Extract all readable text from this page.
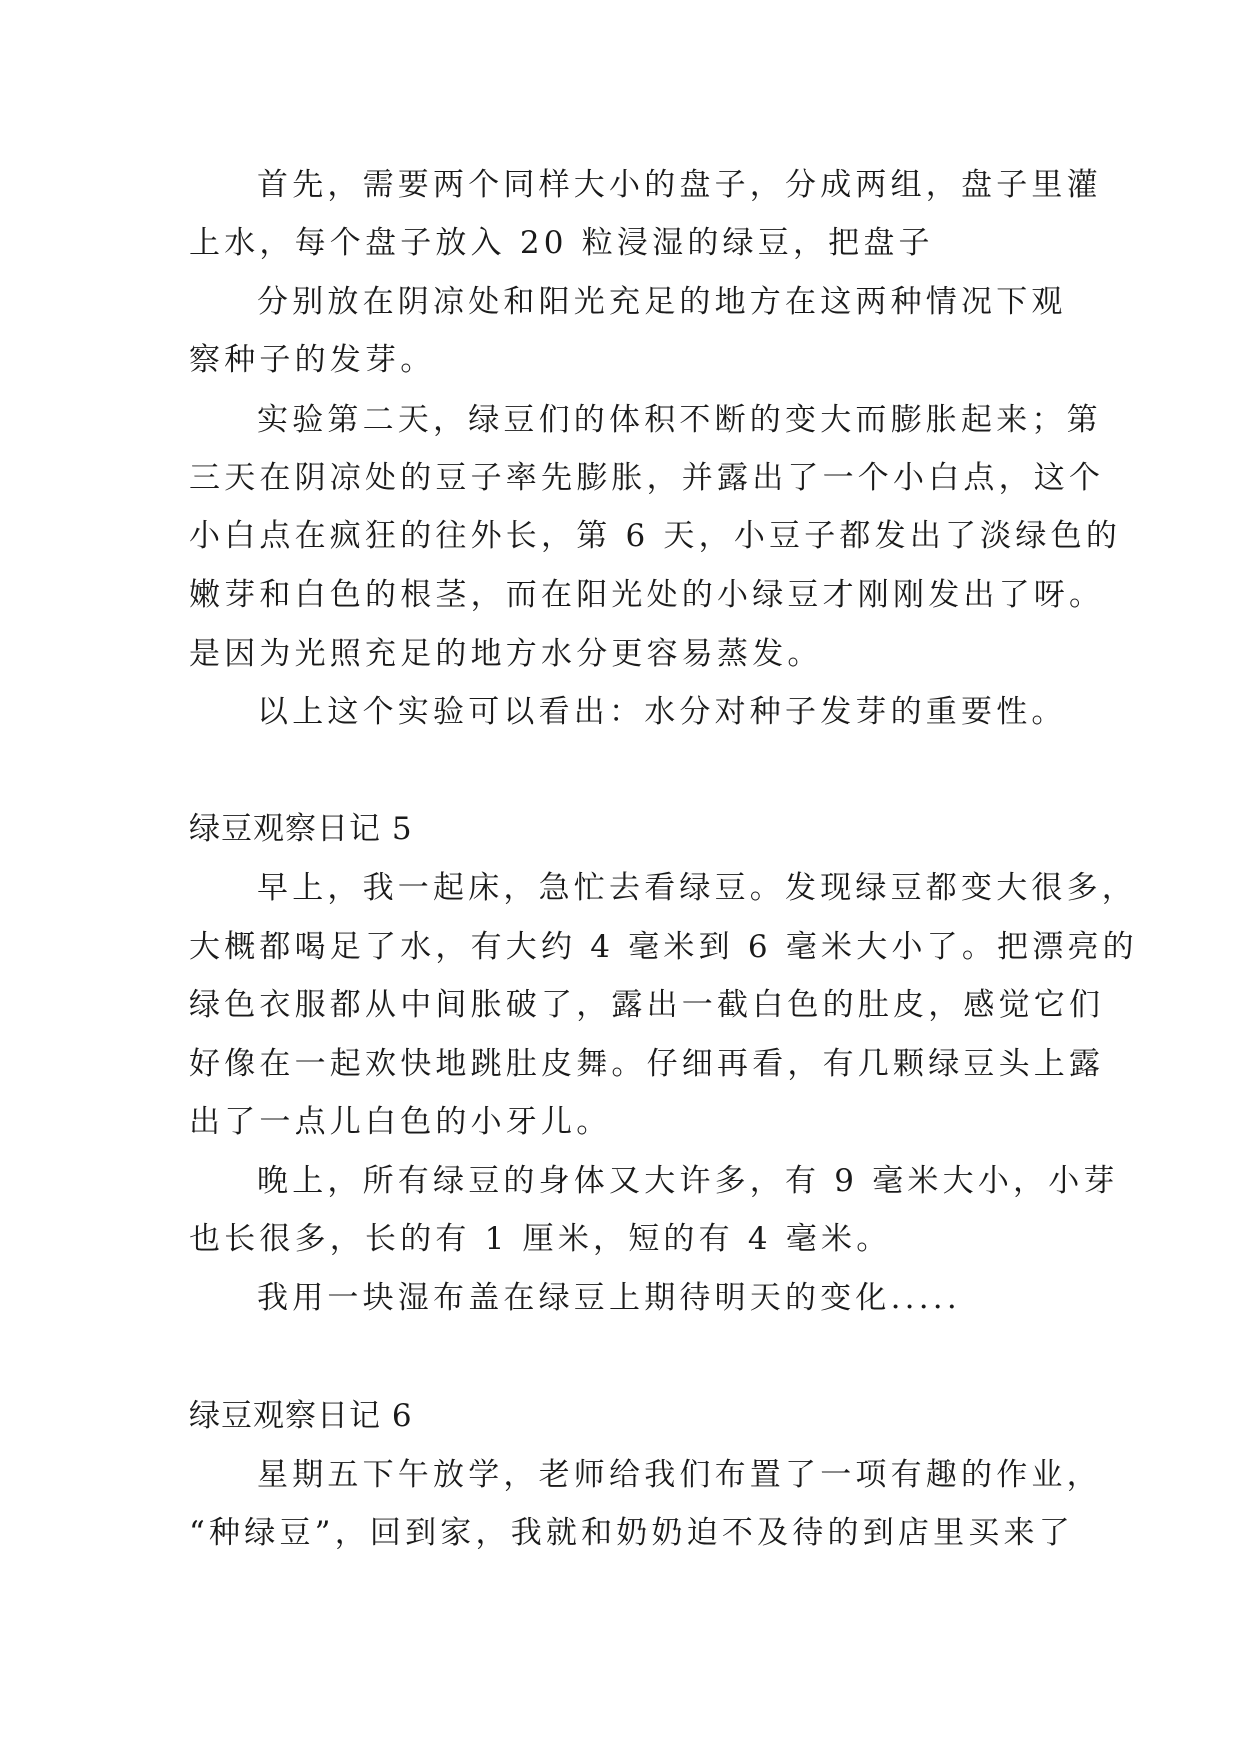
首先，需要两个同样大小的盘子，分成两组，盘子里灌
上水，每个盘子放入 20 粒浸湿的绿豆，把盘子
分别放在阴凉处和阳光充足的地方在这两种情况下观
察种子的发芽。
实验第二天，绿豆们的体积不断的变大而膨胀起来；第
三天在阴凉处的豆子率先膨胀，并露出了一个小白点，这个
小白点在疯狂的往外长，第 6 天，小豆子都发出了淡绿色的
嫩芽和白色的根茎，而在阳光处的小绿豆才刚刚发出了呀。
是因为光照充足的地方水分更容易蒸发。
以上这个实验可以看出：水分对种子发芽的重要性。
绿豆观察日记 5
早上，我一起床，急忙去看绿豆。发现绿豆都变大很多，
大概都喝足了水，有大约 4 毫米到 6 毫米大小了。把漂亮的
绿色衣服都从中间胀破了，露出一截白色的肚皮，感觉它们
好像在一起欢快地跳肚皮舞。仔细再看，有几颗绿豆头上露
出了一点儿白色的小牙儿。
晚上，所有绿豆的身体又大许多，有 9 毫米大小，小芽
也长很多，长的有 1 厘米，短的有 4 毫米。
我用一块湿布盖在绿豆上期待明天的变化.....
绿豆观察日记 6
星期五下午放学，老师给我们布置了一项有趣的作业，
“种绿豆”，回到家，我就和奶奶迫不及待的到店里买来了
